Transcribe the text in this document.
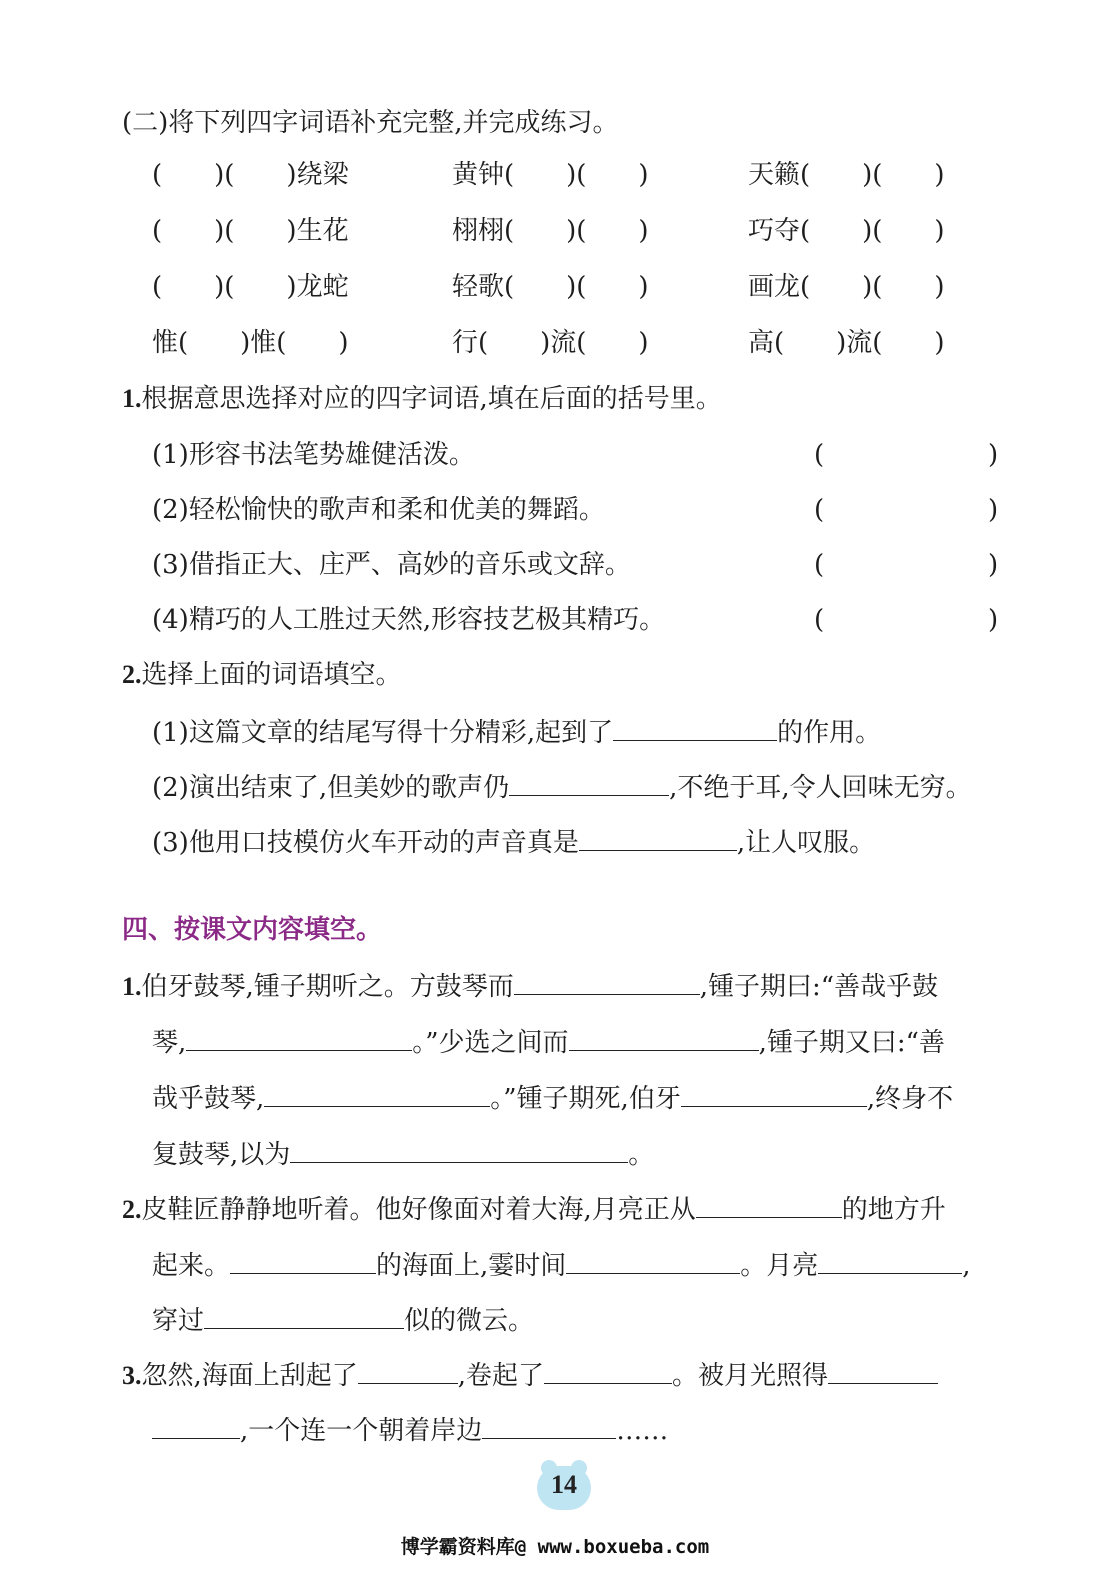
(二)将下列四字词语补充完整,并完成练习。
(　　)(　　)绕梁	黄钟(　　)(　　)	天籁(　　)(　　)
(　　)(　　)生花	栩栩(　　)(　　)	巧夺(　　)(　　)
(　　)(　　)龙蛇	轻歌(　　)(　　)	画龙(　　)(　　)
惟(　　)惟(　　)	行(　　)流(　　)	高(　　)流(　　)
1.根据意思选择对应的四字词语,填在后面的括号里。
(1)形容书法笔势雄健活泼。	(	)
(2)轻松愉快的歌声和柔和优美的舞蹈。	(	)
(3)借指正大、庄严、高妙的音乐或文辞。	(	)
(4)精巧的人工胜过天然,形容技艺极其精巧。	(	)
2.选择上面的词语填空。
(1)这篇文章的结尾写得十分精彩,起到了	的作用。
(2)演出结束了,但美妙的歌声仍	,不绝于耳,令人回味无穷。
(3)他用口技模仿火车开动的声音真是	,让人叹服。
四、按课文内容填空。
1.伯牙鼓琴,锺子期听之。方鼓琴而	,锺子期曰:“善哉乎鼓
琴,	。”少选之间而	,锺子期又曰:“善
哉乎鼓琴,	。”锺子期死,伯牙	,终身不
复鼓琴,以为	。
2.皮鞋匠静静地听着。他好像面对着大海,月亮正从	的地方升
起来。	的海面上,霎时间	。月亮	,
穿过	似的微云。
3.忽然,海面上刮起了	,卷起了	。被月光照得
,一个连一个朝着岸边	……
14
博学霸资料库@ www.boxueba.com
